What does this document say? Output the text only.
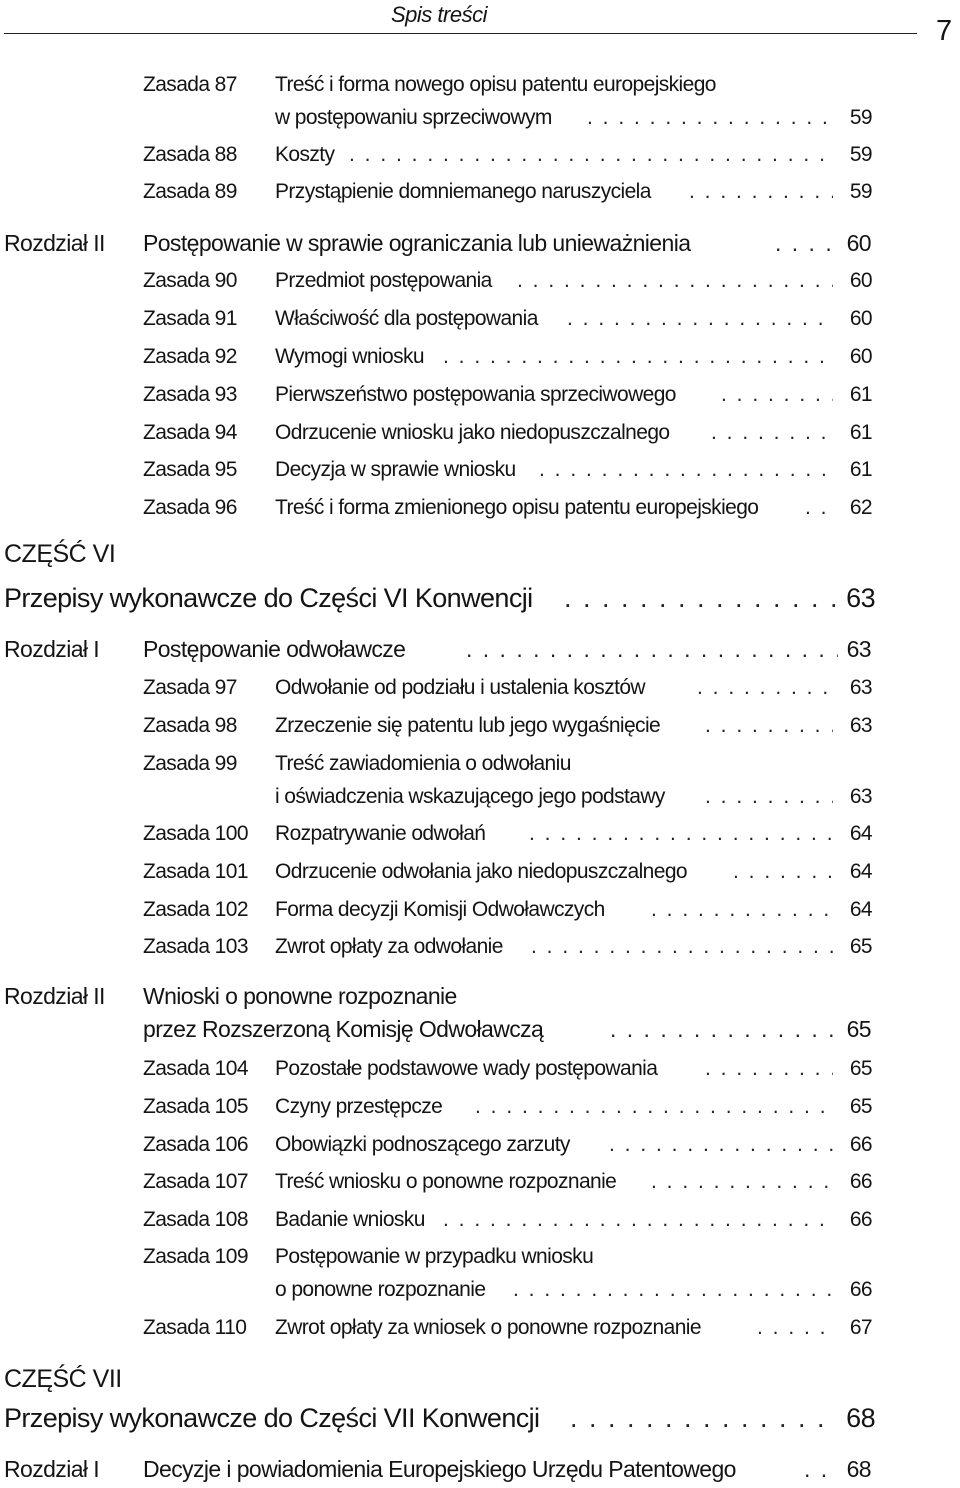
Spis treści
7
Zasada 87 Treść i forma nowego opisu patentu europejskiego
w postępowaniu sprzeciwowym . . .	59
Zasada 88 Koszty . . .	59
Zasada 89 Przystąpienie domniemanego naruszyciela . . .	59
Rozdział II Postępowanie w sprawie ograniczania lub unieważnienia . . .	60
Zasada 90 Przedmiot postępowania . . .	60
Zasada 91 Właściwość dla postępowania . . .	60
Zasada 92 Wymogi wniosku . . .	60
Zasada 93 Pierwszeństwo postępowania sprzeciwowego . . .	61
Zasada 94 Odrzucenie wniosku jako niedopuszczalnego . . .	61
Zasada 95 Decyzja w sprawie wniosku . . .	61
Zasada 96 Treść i forma zmienionego opisu patentu europejskiego . . .	62
CZĘŚĆ VI
Przepisy wykonawcze do Części VI Konwencji . . .	63
Rozdział I Postępowanie odwoławcze . . .	63
Zasada 97 Odwołanie od podziału i ustalenia kosztów . . .	63
Zasada 98 Zrzeczenie się patentu lub jego wygaśnięcie . . .	63
Zasada 99 Treść zawiadomienia o odwołaniu
i oświadczenia wskazującego jego podstawy . . .	63
Zasada 100 Rozpatrywanie odwołań . . .	64
Zasada 101 Odrzucenie odwołania jako niedopuszczalnego . . .	64
Zasada 102 Forma decyzji Komisji Odwoławczych . . .	64
Zasada 103 Zwrot opłaty za odwołanie . . .	65
Rozdział II Wnioski o ponowne rozpoznanie
przez Rozszerzoną Komisję Odwoławczą . . .	65
Zasada 104 Pozostałe podstawowe wady postępowania . . .	65
Zasada 105 Czyny przestępcze . . .	65
Zasada 106 Obowiązki podnoszącego zarzuty . . .	66
Zasada 107 Treść wniosku o ponowne rozpoznanie . . .	66
Zasada 108 Badanie wniosku . . .	66
Zasada 109 Postępowanie w przypadku wniosku
o ponowne rozpoznanie . . .	66
Zasada 110 Zwrot opłaty za wniosek o ponowne rozpoznanie . . .	67
CZĘŚĆ VII
Przepisy wykonawcze do Części VII Konwencji . . .	68
Rozdział I Decyzje i powiadomienia Europejskiego Urzędu Patentowego . . .	68
